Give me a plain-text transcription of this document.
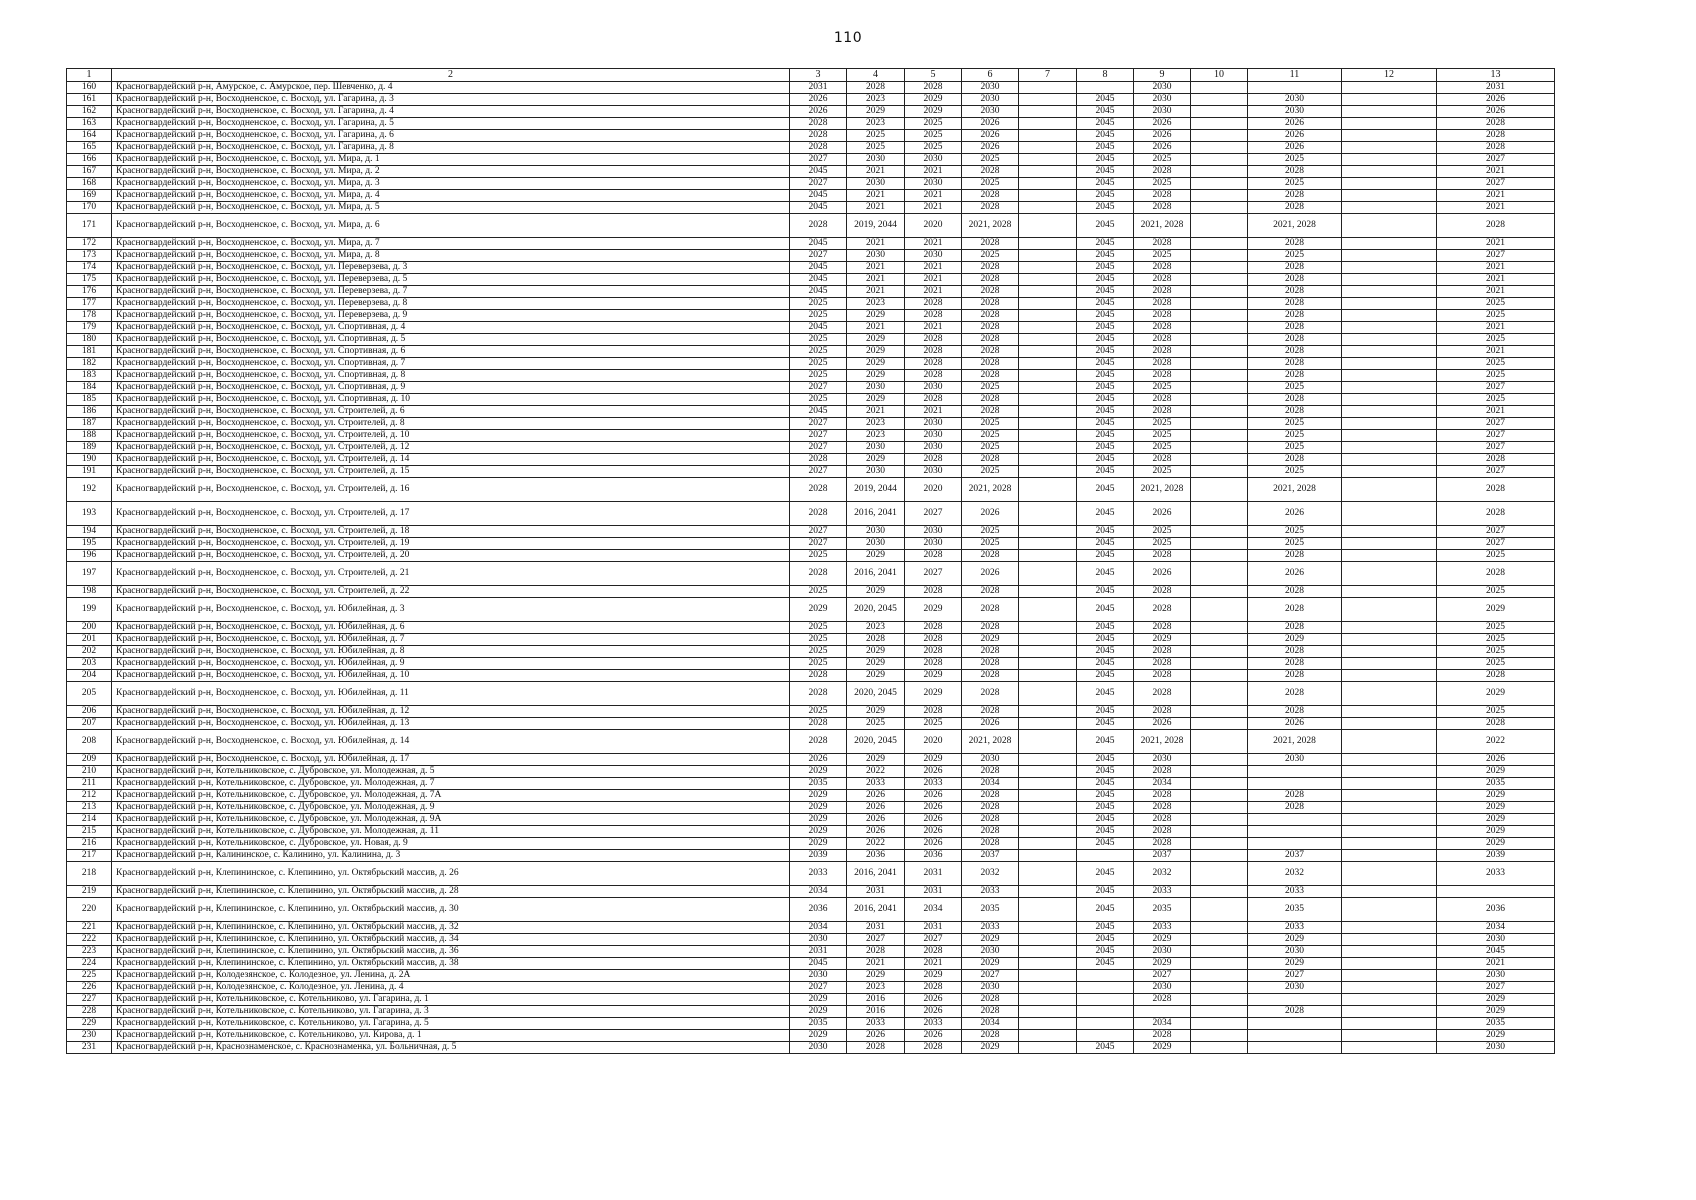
110
1	2	3	4	5	6	7	8	9	10	11	12	13
160	Красногвардейский р-н, Амурское, с. Амурское, пер. Шевченко, д. 4	2031	2028	2028	2030			2030				2031
161	Красногвардейский р-н, Восходненское, с. Восход, ул. Гагарина, д. 3	2026	2023	2029	2030		2045	2030		2030		2026
162	Красногвардейский р-н, Восходненское, с. Восход, ул. Гагарина, д. 4	2026	2029	2029	2030		2045	2030		2030		2026
163	Красногвардейский р-н, Восходненское, с. Восход, ул. Гагарина, д. 5	2028	2023	2025	2026		2045	2026		2026		2028
164	Красногвардейский р-н, Восходненское, с. Восход, ул. Гагарина, д. 6	2028	2025	2025	2026		2045	2026		2026		2028
165	Красногвардейский р-н, Восходненское, с. Восход, ул. Гагарина, д. 8	2028	2025	2025	2026		2045	2026		2026		2028
166	Красногвардейский р-н, Восходненское, с. Восход, ул. Мира, д. 1	2027	2030	2030	2025		2045	2025		2025		2027
167	Красногвардейский р-н, Восходненское, с. Восход, ул. Мира, д. 2	2045	2021	2021	2028		2045	2028		2028		2021
168	Красногвардейский р-н, Восходненское, с. Восход, ул. Мира, д. 3	2027	2030	2030	2025		2045	2025		2025		2027
169	Красногвардейский р-н, Восходненское, с. Восход, ул. Мира, д. 4	2045	2021	2021	2028		2045	2028		2028		2021
170	Красногвардейский р-н, Восходненское, с. Восход, ул. Мира, д. 5	2045	2021	2021	2028		2045	2028		2028		2021
171	Красногвардейский р-н, Восходненское, с. Восход, ул. Мира, д. 6	2028	2019, 2044	2020	2021, 2028		2045	2021, 2028		2021, 2028		2028
172	Красногвардейский р-н, Восходненское, с. Восход, ул. Мира, д. 7	2045	2021	2021	2028		2045	2028		2028		2021
173	Красногвардейский р-н, Восходненское, с. Восход, ул. Мира, д. 8	2027	2030	2030	2025		2045	2025		2025		2027
174	Красногвардейский р-н, Восходненское, с. Восход, ул. Переверзева, д. 3	2045	2021	2021	2028		2045	2028		2028		2021
175	Красногвардейский р-н, Восходненское, с. Восход, ул. Переверзева, д. 5	2045	2021	2021	2028		2045	2028		2028		2021
176	Красногвардейский р-н, Восходненское, с. Восход, ул. Переверзева, д. 7	2045	2021	2021	2028		2045	2028		2028		2021
177	Красногвардейский р-н, Восходненское, с. Восход, ул. Переверзева, д. 8	2025	2023	2028	2028		2045	2028		2028		2025
178	Красногвардейский р-н, Восходненское, с. Восход, ул. Переверзева, д. 9	2025	2029	2028	2028		2045	2028		2028		2025
179	Красногвардейский р-н, Восходненское, с. Восход, ул. Спортивная, д. 4	2045	2021	2021	2028		2045	2028		2028		2021
180	Красногвардейский р-н, Восходненское, с. Восход, ул. Спортивная, д. 5	2025	2029	2028	2028		2045	2028		2028		2025
181	Красногвардейский р-н, Восходненское, с. Восход, ул. Спортивная, д. 6	2025	2029	2028	2028		2045	2028		2028		2021
182	Красногвардейский р-н, Восходненское, с. Восход, ул. Спортивная, д. 7	2025	2029	2028	2028		2045	2028		2028		2025
183	Красногвардейский р-н, Восходненское, с. Восход, ул. Спортивная, д. 8	2025	2029	2028	2028		2045	2028		2028		2025
184	Красногвардейский р-н, Восходненское, с. Восход, ул. Спортивная, д. 9	2027	2030	2030	2025		2045	2025		2025		2027
185	Красногвардейский р-н, Восходненское, с. Восход, ул. Спортивная, д. 10	2025	2029	2028	2028		2045	2028		2028		2025
186	Красногвардейский р-н, Восходненское, с. Восход, ул. Строителей, д. 6	2045	2021	2021	2028		2045	2028		2028		2021
187	Красногвардейский р-н, Восходненское, с. Восход, ул. Строителей, д. 8	2027	2023	2030	2025		2045	2025		2025		2027
188	Красногвардейский р-н, Восходненское, с. Восход, ул. Строителей, д. 10	2027	2023	2030	2025		2045	2025		2025		2027
189	Красногвардейский р-н, Восходненское, с. Восход, ул. Строителей, д. 12	2027	2030	2030	2025		2045	2025		2025		2027
190	Красногвардейский р-н, Восходненское, с. Восход, ул. Строителей, д. 14	2028	2029	2028	2028		2045	2028		2028		2028
191	Красногвардейский р-н, Восходненское, с. Восход, ул. Строителей, д. 15	2027	2030	2030	2025		2045	2025		2025		2027
192	Красногвардейский р-н, Восходненское, с. Восход, ул. Строителей, д. 16	2028	2019, 2044	2020	2021, 2028		2045	2021, 2028		2021, 2028		2028
193	Красногвардейский р-н, Восходненское, с. Восход, ул. Строителей, д. 17	2028	2016, 2041	2027	2026		2045	2026		2026		2028
194	Красногвардейский р-н, Восходненское, с. Восход, ул. Строителей, д. 18	2027	2030	2030	2025		2045	2025		2025		2027
195	Красногвардейский р-н, Восходненское, с. Восход, ул. Строителей, д. 19	2027	2030	2030	2025		2045	2025		2025		2027
196	Красногвардейский р-н, Восходненское, с. Восход, ул. Строителей, д. 20	2025	2029	2028	2028		2045	2028		2028		2025
197	Красногвардейский р-н, Восходненское, с. Восход, ул. Строителей, д. 21	2028	2016, 2041	2027	2026		2045	2026		2026		2028
198	Красногвардейский р-н, Восходненское, с. Восход, ул. Строителей, д. 22	2025	2029	2028	2028		2045	2028		2028		2025
199	Красногвардейский р-н, Восходненское, с. Восход, ул. Юбилейная, д. 3	2029	2020, 2045	2029	2028		2045	2028		2028		2029
200	Красногвардейский р-н, Восходненское, с. Восход, ул. Юбилейная, д. 6	2025	2023	2028	2028		2045	2028		2028		2025
201	Красногвардейский р-н, Восходненское, с. Восход, ул. Юбилейная, д. 7	2025	2028	2028	2029		2045	2029		2029		2025
202	Красногвардейский р-н, Восходненское, с. Восход, ул. Юбилейная, д. 8	2025	2029	2028	2028		2045	2028		2028		2025
203	Красногвардейский р-н, Восходненское, с. Восход, ул. Юбилейная, д. 9	2025	2029	2028	2028		2045	2028		2028		2025
204	Красногвардейский р-н, Восходненское, с. Восход, ул. Юбилейная, д. 10	2028	2029	2029	2028		2045	2028		2028		2028
205	Красногвардейский р-н, Восходненское, с. Восход, ул. Юбилейная, д. 11	2028	2020, 2045	2029	2028		2045	2028		2028		2029
206	Красногвардейский р-н, Восходненское, с. Восход, ул. Юбилейная, д. 12	2025	2029	2028	2028		2045	2028		2028		2025
207	Красногвардейский р-н, Восходненское, с. Восход, ул. Юбилейная, д. 13	2028	2025	2025	2026		2045	2026		2026		2028
208	Красногвардейский р-н, Восходненское, с. Восход, ул. Юбилейная, д. 14	2028	2020, 2045	2020	2021, 2028		2045	2021, 2028		2021, 2028		2022
209	Красногвардейский р-н, Восходненское, с. Восход, ул. Юбилейная, д. 17	2026	2029	2029	2030		2045	2030		2030		2026
210	Красногвардейский р-н, Котельниковское, с. Дубровское, ул. Молодежная, д. 5	2029	2022	2026	2028		2045	2028				2029
211	Красногвардейский р-н, Котельниковское, с. Дубровское, ул. Молодежная, д. 7	2035	2033	2033	2034		2045	2034				2035
212	Красногвардейский р-н, Котельниковское, с. Дубровское, ул. Молодежная, д. 7А	2029	2026	2026	2028		2045	2028		2028		2029
213	Красногвардейский р-н, Котельниковское, с. Дубровское, ул. Молодежная, д. 9	2029	2026	2026	2028		2045	2028		2028		2029
214	Красногвардейский р-н, Котельниковское, с. Дубровское, ул. Молодежная, д. 9А	2029	2026	2026	2028		2045	2028				2029
215	Красногвардейский р-н, Котельниковское, с. Дубровское, ул. Молодежная, д. 11	2029	2026	2026	2028		2045	2028				2029
216	Красногвардейский р-н, Котельниковское, с. Дубровское, ул. Новая, д. 9	2029	2022	2026	2028		2045	2028				2029
217	Красногвардейский р-н, Калининское, с. Калинино, ул. Калинина, д. 3	2039	2036	2036	2037			2037		2037		2039
218	Красногвардейский р-н, Клепининское, с. Клепинино, ул. Октябрьский массив, д. 26	2033	2016, 2041	2031	2032		2045	2032		2032		2033
219	Красногвардейский р-н, Клепининское, с. Клепинино, ул. Октябрьский массив, д. 28	2034	2031	2031	2033		2045	2033		2033		
220	Красногвардейский р-н, Клепининское, с. Клепинино, ул. Октябрьский массив, д. 30	2036	2016, 2041	2034	2035		2045	2035		2035		2036
221	Красногвардейский р-н, Клепининское, с. Клепинино, ул. Октябрьский массив, д. 32	2034	2031	2031	2033		2045	2033		2033		2034
222	Красногвардейский р-н, Клепининское, с. Клепинино, ул. Октябрьский массив, д. 34	2030	2027	2027	2029		2045	2029		2029		2030
223	Красногвардейский р-н, Клепининское, с. Клепинино, ул. Октябрьский массив, д. 36	2031	2028	2028	2030		2045	2030		2030		2045
224	Красногвардейский р-н, Клепининское, с. Клепинино, ул. Октябрьский массив, д. 38	2045	2021	2021	2029		2045	2029		2029		2021
225	Красногвардейский р-н, Колодезянское, с. Колодезное, ул. Ленина, д. 2А	2030	2029	2029	2027			2027		2027		2030
226	Красногвардейский р-н, Колодезянское, с. Колодезное, ул. Ленина, д. 4	2027	2023	2028	2030			2030		2030		2027
227	Красногвардейский р-н, Котельниковское, с. Котельниково, ул. Гагарина, д. 1	2029	2016	2026	2028			2028				2029
228	Красногвардейский р-н, Котельниковское, с. Котельниково, ул. Гагарина, д. 3	2029	2016	2026	2028					2028		2029
229	Красногвардейский р-н, Котельниковское, с. Котельниково, ул. Гагарина, д. 5	2035	2033	2033	2034			2034				2035
230	Красногвардейский р-н, Котельниковское, с. Котельниково, ул. Кирова, д. 1	2029	2026	2026	2028			2028				2029
231	Красногвардейский р-н, Краснознаменское, с. Краснознаменка, ул. Больничная, д. 5	2030	2028	2028	2029		2045	2029				2030
